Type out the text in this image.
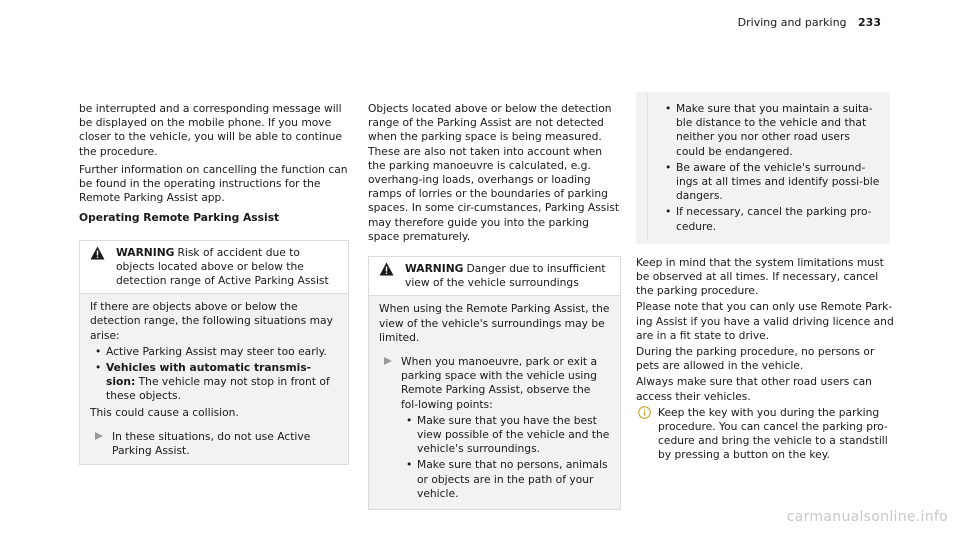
Driving and parking 233

be interrupted and a corresponding message will be displayed on the mobile phone. If you move closer to the vehicle, you will be able to continue the procedure.

Further information on cancelling the function can be found in the operating instructions for the Remote Parking Assist app.

Operating Remote Parking Assist

WARNING Risk of accident due to objects located above or below the detection range of Active Parking Assist

If there are objects above or below the detection range, the following situations may arise:

• Active Parking Assist may steer too early.
• Vehicles with automatic transmis-sion: The vehicle may not stop in front of these objects.

This could cause a collision.

In these situations, do not use Active Parking Assist.

Objects located above or below the detection range of the Parking Assist are not detected when the parking space is being measured. These are also not taken into account when the parking manoeuvre is calculated, e.g. overhang-ing loads, overhangs or loading ramps of lorries or the boundaries of parking spaces. In some cir-cumstances, Parking Assist may therefore guide you into the parking space prematurely.

WARNING Danger due to insufficient view of the vehicle surroundings

When using the Remote Parking Assist, the view of the vehicle's surroundings may be limited.

When you manoeuvre, park or exit a parking space with the vehicle using Remote Parking Assist, observe the fol-lowing points:
• Make sure that you have the best view possible of the vehicle and the vehicle's surroundings.
• Make sure that no persons, animals or objects are in the path of your vehicle.
• Make sure that you maintain a suita-ble distance to the vehicle and that neither you nor other road users could be endangered.
• Be aware of the vehicle's surround-ings at all times and identify possi-ble dangers.
• If necessary, cancel the parking pro-cedure.

Keep in mind that the system limitations must be observed at all times. If necessary, cancel the parking procedure.

Please note that you can only use Remote Park-ing Assist if you have a valid driving licence and are in a fit state to drive.

During the parking procedure, no persons or pets are allowed in the vehicle.

Always make sure that other road users can access their vehicles.

Keep the key with you during the parking procedure. You can cancel the parking pro-cedure and bring the vehicle to a standstill by pressing a button on the key.
carmanualsonline.info
